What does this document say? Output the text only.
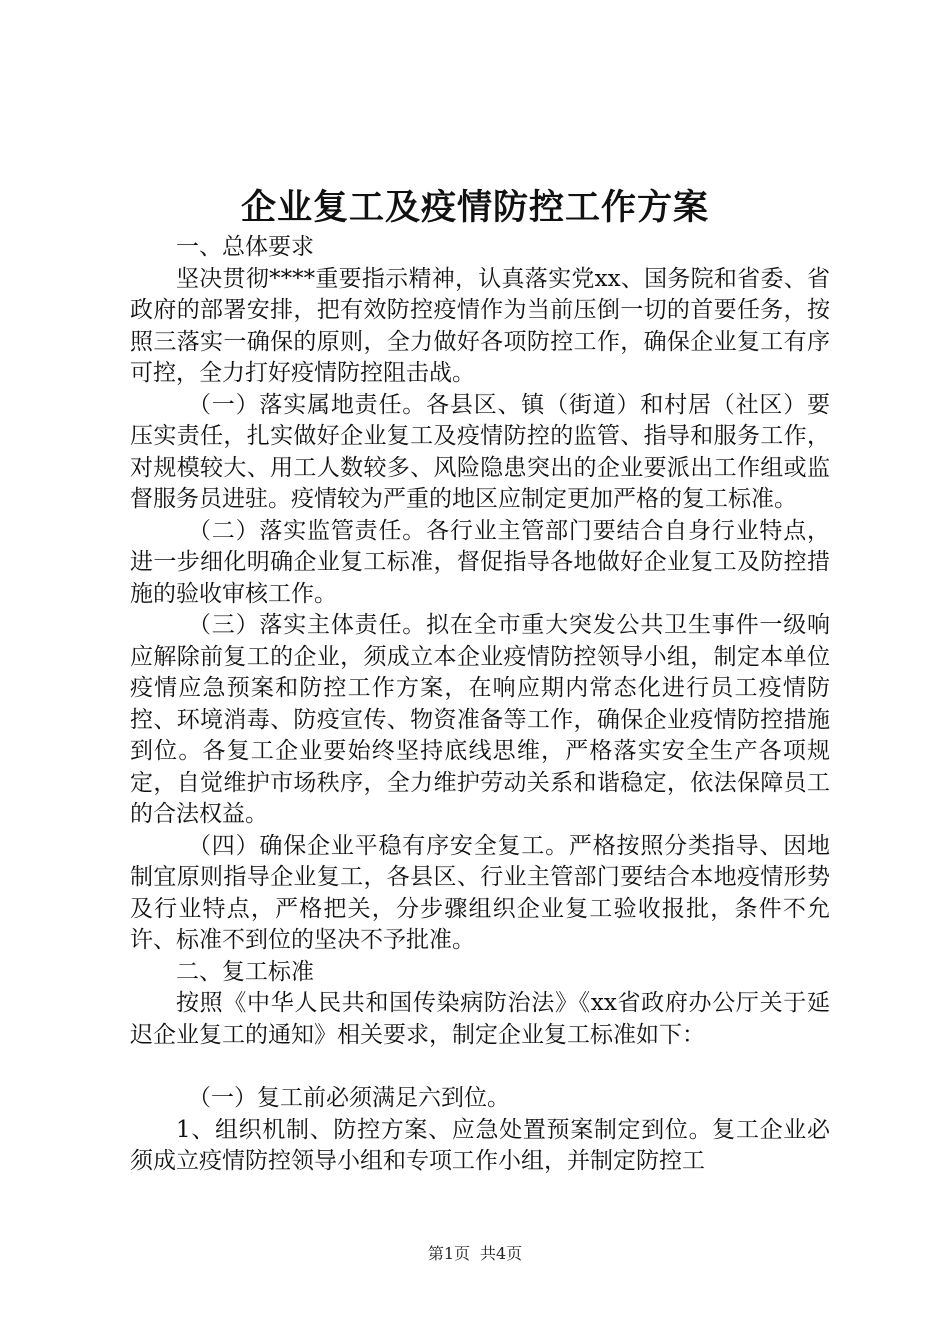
企业复工及疫情防控工作方案

一、总体要求

坚决贯彻****重要指示精神，认真落实党xx、国务院和省委、省政府的部署安排，把有效防控疫情作为当前压倒一切的首要任务，按照三落实一确保的原则，全力做好各项防控工作，确保企业复工有序可控，全力打好疫情防控阻击战。

（一）落实属地责任。各县区、镇（街道）和村居（社区）要压实责任，扎实做好企业复工及疫情防控的监管、指导和服务工作，对规模较大、用工人数较多、风险隐患突出的企业要派出工作组或监督服务员进驻。疫情较为严重的地区应制定更加严格的复工标准。

（二）落实监管责任。各行业主管部门要结合自身行业特点，进一步细化明确企业复工标准，督促指导各地做好企业复工及防控措施的验收审核工作。

（三）落实主体责任。拟在全市重大突发公共卫生事件一级响应解除前复工的企业，须成立本企业疫情防控领导小组，制定本单位疫情应急预案和防控工作方案，在响应期内常态化进行员工疫情防控、环境消毒、防疫宣传、物资准备等工作，确保企业疫情防控措施到位。各复工企业要始终坚持底线思维，严格落实安全生产各项规定，自觉维护市场秩序，全力维护劳动关系和谐稳定，依法保障员工的合法权益。

（四）确保企业平稳有序安全复工。严格按照分类指导、因地制宜原则指导企业复工，各县区、行业主管部门要结合本地疫情形势及行业特点，严格把关，分步骤组织企业复工验收报批，条件不允许、标准不到位的坚决不予批准。

二、复工标准

按照《中华人民共和国传染病防治法》《xx省政府办公厅关于延迟企业复工的通知》相关要求，制定企业复工标准如下：

（一）复工前必须满足六到位。

1、组织机制、防控方案、应急处置预案制定到位。复工企业必须成立疫情防控领导小组和专项工作小组，并制定防控工

第1页 共4页
